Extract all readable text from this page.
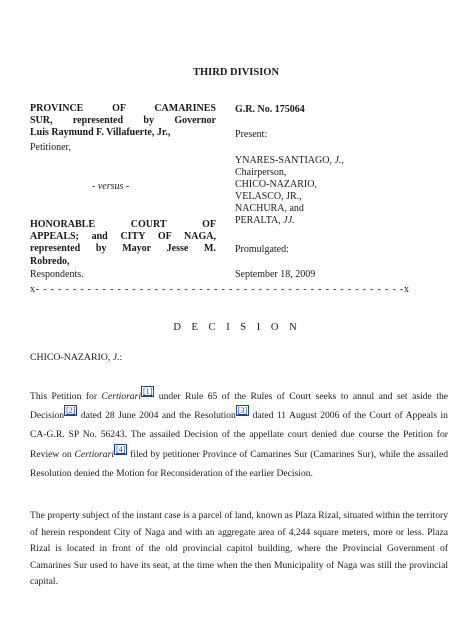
THIRD DIVISION
PROVINCE OF CAMARINES
SUR, represented by Governor
Luis Raymund F. Villafuerte, Jr.,
Petitioner,
- versus -
HONORABLE COURT OF
APPEALS; and CITY OF NAGA,
represented by Mayor Jesse M.
Robredo,
Respondents.
G.R. No. 175064
Present:
YNARES-SANTIAGO, J.,
Chairperson,
CHICO-NAZARIO,
VELASCO, JR.,
NACHURA, and
PERALTA, JJ.
Promulgated:
September 18, 2009
x- - - - - - - - - - - - - - - - - - - - - - - - - - - - - - - - - - - - - - - - - - - - - - - - - -x
D E C I S I O N
CHICO-NAZARIO, J.:
This Petition for Certiorari [1] under Rule 65 of the Rules of Court seeks to annul and set aside the Decision [2] dated 28 June 2004 and the Resolution [3] dated 11 August 2006 of the Court of Appeals in CA-G.R. SP No. 56243. The assailed Decision of the appellate court denied due course the Petition for Review on Certiorari [4] filed by petitioner Province of Camarines Sur (Camarines Sur), while the assailed Resolution denied the Motion for Reconsideration of the earlier Decision.
The property subject of the instant case is a parcel of land, known as Plaza Rizal, situated within the territory of herein respondent City of Naga and with an aggregate area of 4,244 square meters, more or less. Plaza Rizal is located in front of the old provincial capitol building, where the Provincial Government of Camarines Sur used to have its seat, at the time when the then Municipality of Naga was still the provincial capital.
